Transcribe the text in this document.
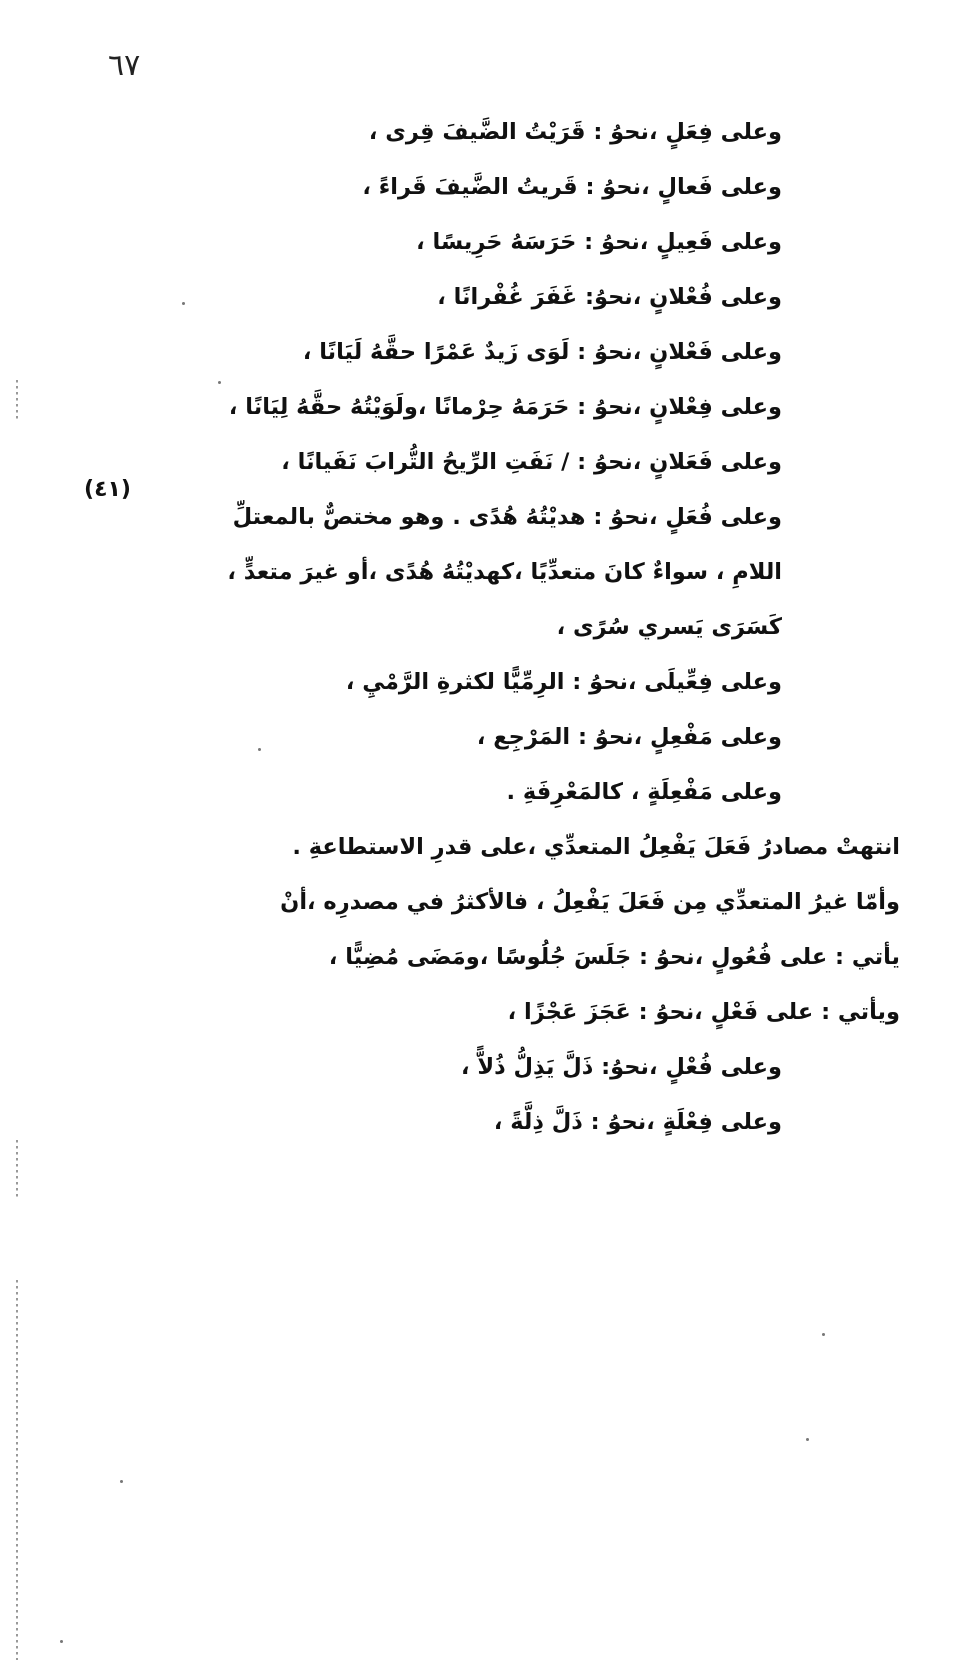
٦٧
(٤١)
وعلى فِعَلٍ ،نحوُ : قَرَيْتُ الضَّيفَ قِرى ،
وعلى فَعالٍ ،نحوُ : قَريتُ الضَّيفَ قَراءً ،
وعلى فَعِيلٍ ،نحوُ : حَرَسَهُ حَرِيسًا ،
وعلى فُعْلانٍ ،نحوُ: غَفَرَ غُفْرانًا ،
وعلى فَعْلانٍ ،نحوُ : لَوَى زَيدٌ عَمْرًا حقَّهُ لَيَانًا ،
وعلى فِعْلانٍ ،نحوُ : حَرَمَهُ حِرْمانًا ،ولَوَيْتُهُ حقَّهُ لِيَانًا ،
وعلى فَعَلانٍ ،نحوُ : / نَفَتِ الرِّيحُ التُّرابَ نَفَيانًا ،
وعلى فُعَلٍ ،نحوُ : هديْتُهُ هُدًى . وهو مختصٌّ بالمعتلِّ
اللامِ ، سواءٌ كانَ متعدِّيًا ،كهديْتُهُ هُدًى ،أو غيرَ متعدٍّ ،
كَسَرَى يَسري سُرًى ،
وعلى فِعِّيلَى ،نحوُ : الرِمِّيًّا لكثرةِ الرَّمْيِ ،
وعلى مَفْعِلٍ ،نحوُ : المَرْجِع ،
وعلى مَفْعِلَةٍ ، كالمَعْرِفَةِ .
انتهتْ مصادرُ فَعَلَ يَفْعِلُ المتعدِّي ،على قدرِ الاستطاعةِ .
وأمّا غيرُ المتعدِّي مِن فَعَلَ يَفْعِلُ ، فالأكثرُ في مصدرِه ،أنْ
يأتي : على فُعُولٍ ،نحوُ : جَلَسَ جُلُوسًا ،ومَضَى مُضِيًّا ،
ويأتي : على فَعْلٍ ،نحوُ : عَجَزَ عَجْزًا ،
وعلى فُعْلٍ ،نحوُ: ذَلَّ يَذِلُّ ذُلاًّ ،
وعلى فِعْلَةٍ ،نحوُ : ذَلَّ ذِلَّةً ،
